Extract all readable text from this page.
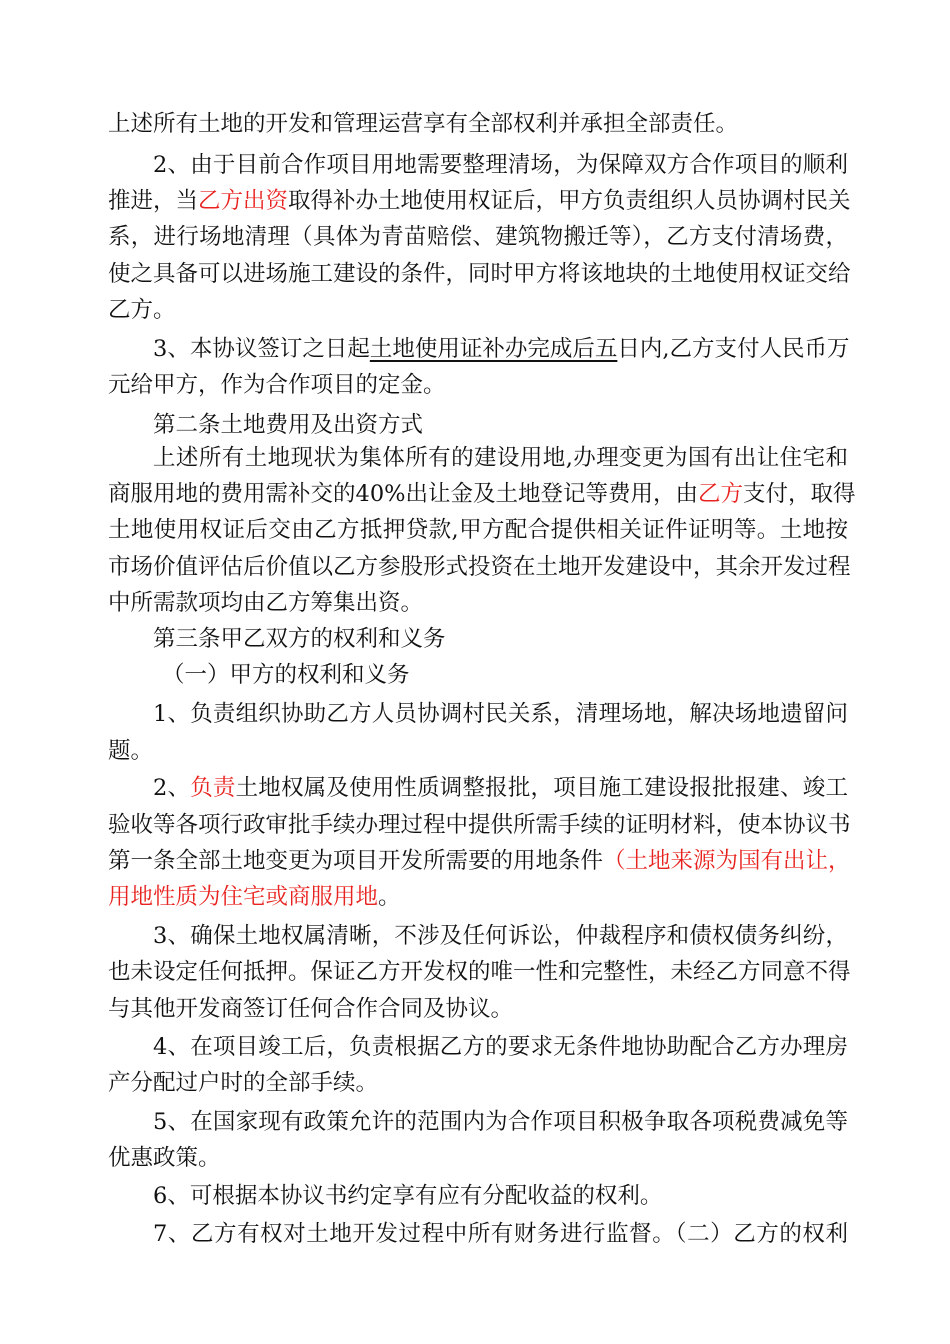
上述所有土地的开发和管理运营享有全部权利并承担全部责任。
2、由于目前合作项目用地需要整理清场，为保障双方合作项目的顺利
推进，当乙方出资取得补办土地使用权证后，甲方负责组织人员协调村民关
系，进行场地清理（具体为青苗赔偿、建筑物搬迁等），乙方支付清场费，
使之具备可以进场施工建设的条件，同时甲方将该地块的土地使用权证交给
乙方。
3、本协议签订之日起土地使用证补办完成后五日内,乙方支付人民币万
元给甲方，作为合作项目的定金。
第二条土地费用及出资方式
上述所有土地现状为集体所有的建设用地,办理变更为国有出让住宅和
商服用地的费用需补交的40%出让金及土地登记等费用，由乙方支付，取得
土地使用权证后交由乙方抵押贷款,甲方配合提供相关证件证明等。土地按
市场价值评估后价值以乙方参股形式投资在土地开发建设中，其余开发过程
中所需款项均由乙方筹集出资。
第三条甲乙双方的权利和义务
（一）甲方的权利和义务
1、负责组织协助乙方人员协调村民关系，清理场地，解决场地遗留问
题。
2、负责土地权属及使用性质调整报批，项目施工建设报批报建、竣工
验收等各项行政审批手续办理过程中提供所需手续的证明材料，使本协议书
第一条全部土地变更为项目开发所需要的用地条件（土地来源为国有出让，
用地性质为住宅或商服用地。
3、确保土地权属清晰，不涉及任何诉讼，仲裁程序和债权债务纠纷，
也未设定任何抵押。保证乙方开发权的唯一性和完整性，未经乙方同意不得
与其他开发商签订任何合作合同及协议。
4、在项目竣工后，负责根据乙方的要求无条件地协助配合乙方办理房
产分配过户时的全部手续。
5、在国家现有政策允许的范围内为合作项目积极争取各项税费减免等
优惠政策。
6、可根据本协议书约定享有应有分配收益的权利。
7、乙方有权对土地开发过程中所有财务进行监督。（二）乙方的权利
